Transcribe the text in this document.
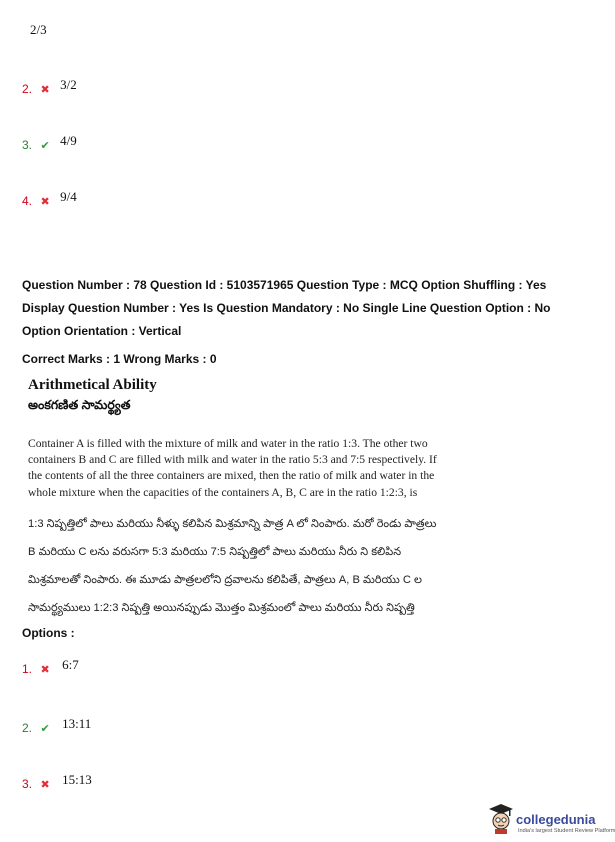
2/3
2. ✖ $^{3/2}$
3. ✔ $^{4/9}$
4. ✖ $^{9/4}$
Question Number : 78 Question Id : 5103571965 Question Type : MCQ Option Shuffling : Yes
Display Question Number : Yes Is Question Mandatory : No Single Line Question Option : No
Option Orientation : Vertical
Correct Marks : 1 Wrong Marks : 0
Arithmetical Ability
అంకగణిత సామర్థ్యత
Container A is filled with the mixture of milk and water in the ratio 1:3. The other two
containers B and C are filled with milk and water in the ratio 5:3 and 7:5 respectively. If
the contents of all the three containers are mixed, then the ratio of milk and water in the
whole mixture when the capacities of the containers A, B, C are in the ratio 1:2:3, is
1:3 నిష్పత్తిలో పాలు మరియు నీళ్ళు కలిపిన మిశ్రమాన్ని పాత్ర A లో నింపారు. మరో రెండు పాత్రలు
B మరియు C లను వరుసగా 5:3 మరియు 7:5 నిష్పత్తిలో పాలు మరియు నీరు ని కలిపిన
మిశ్రమాలతో నింపారు. ఈ మూడు పాత్రలలోని ద్రవాలను కలిపితే, పాత్రలు A, B మరియు C ల
సామర్థ్యములు 1:2:3 నిష్పత్తి అయినప్పుడు మొత్తం మిశ్రమంలో పాలు మరియు నీరు నిష్పత్తి
Options :
1. ✖ $^{6:7}$
2. ✔ $^{13:11}$
3. ✖ $^{15:13}$
collegedunia
India's largest Student Review Platform
